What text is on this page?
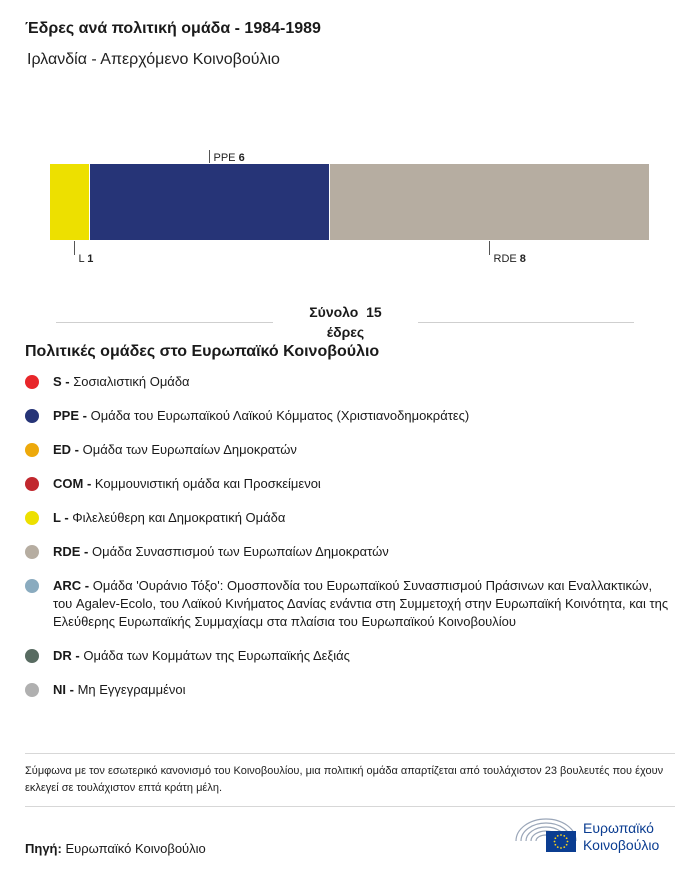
Έδρες ανά πολιτική ομάδα - 1984-1989
Ιρλανδία - Απερχόμενο Κοινοβούλιο
L 1
PPE 6
RDE 8
Σύνολο 15
έδρες
Πολιτικές ομάδες στο Ευρωπαϊκό Κοινοβούλιο
S - Σοσιαλιστική Ομάδα
PPE - Ομάδα του Ευρωπαϊκού Λαϊκού Κόμματος (Χριστιανοδημοκράτες)
ED - Ομάδα των Ευρωπαίων Δημοκρατών
COM - Κομμουνιστική ομάδα και Προσκείμενοι
L - Φιλελεύθερη και Δημοκρατική Ομάδα
RDE - Ομάδα Συνασπισμού των Ευρωπαίων Δημοκρατών
ARC - Ομάδα 'Ουράνιο Τόξο': Ομοσπονδία του Ευρωπαϊκού Συνασπισμού Πράσινων και Εναλλακτικών, του Agalev-Ecolo, του Λαϊκού Κινήματος Δανίας ενάντια στη Συμμετοχή στην Ευρωπαϊκή Κοινότητα, και της Ελεύθερης Ευρωπαϊκής Συμμαχίαςμ στα πλαίσια του Ευρωπαϊκού Κοινοβουλίου
DR - Ομάδα των Κομμάτων της Ευρωπαϊκής Δεξιάς
NI - Μη Εγγεγραμμένοι
Σύμφωνα με τον εσωτερικό κανονισμό του Κοινοβουλίου, μια πολιτική ομάδα απαρτίζεται από τουλάχιστον 23 βουλευτές που έχουν εκλεγεί σε τουλάχιστον επτά κράτη μέλη.
Πηγή: Ευρωπαϊκό Κοινοβούλιο
Ευρωπαϊκό
Κοινοβούλιο
